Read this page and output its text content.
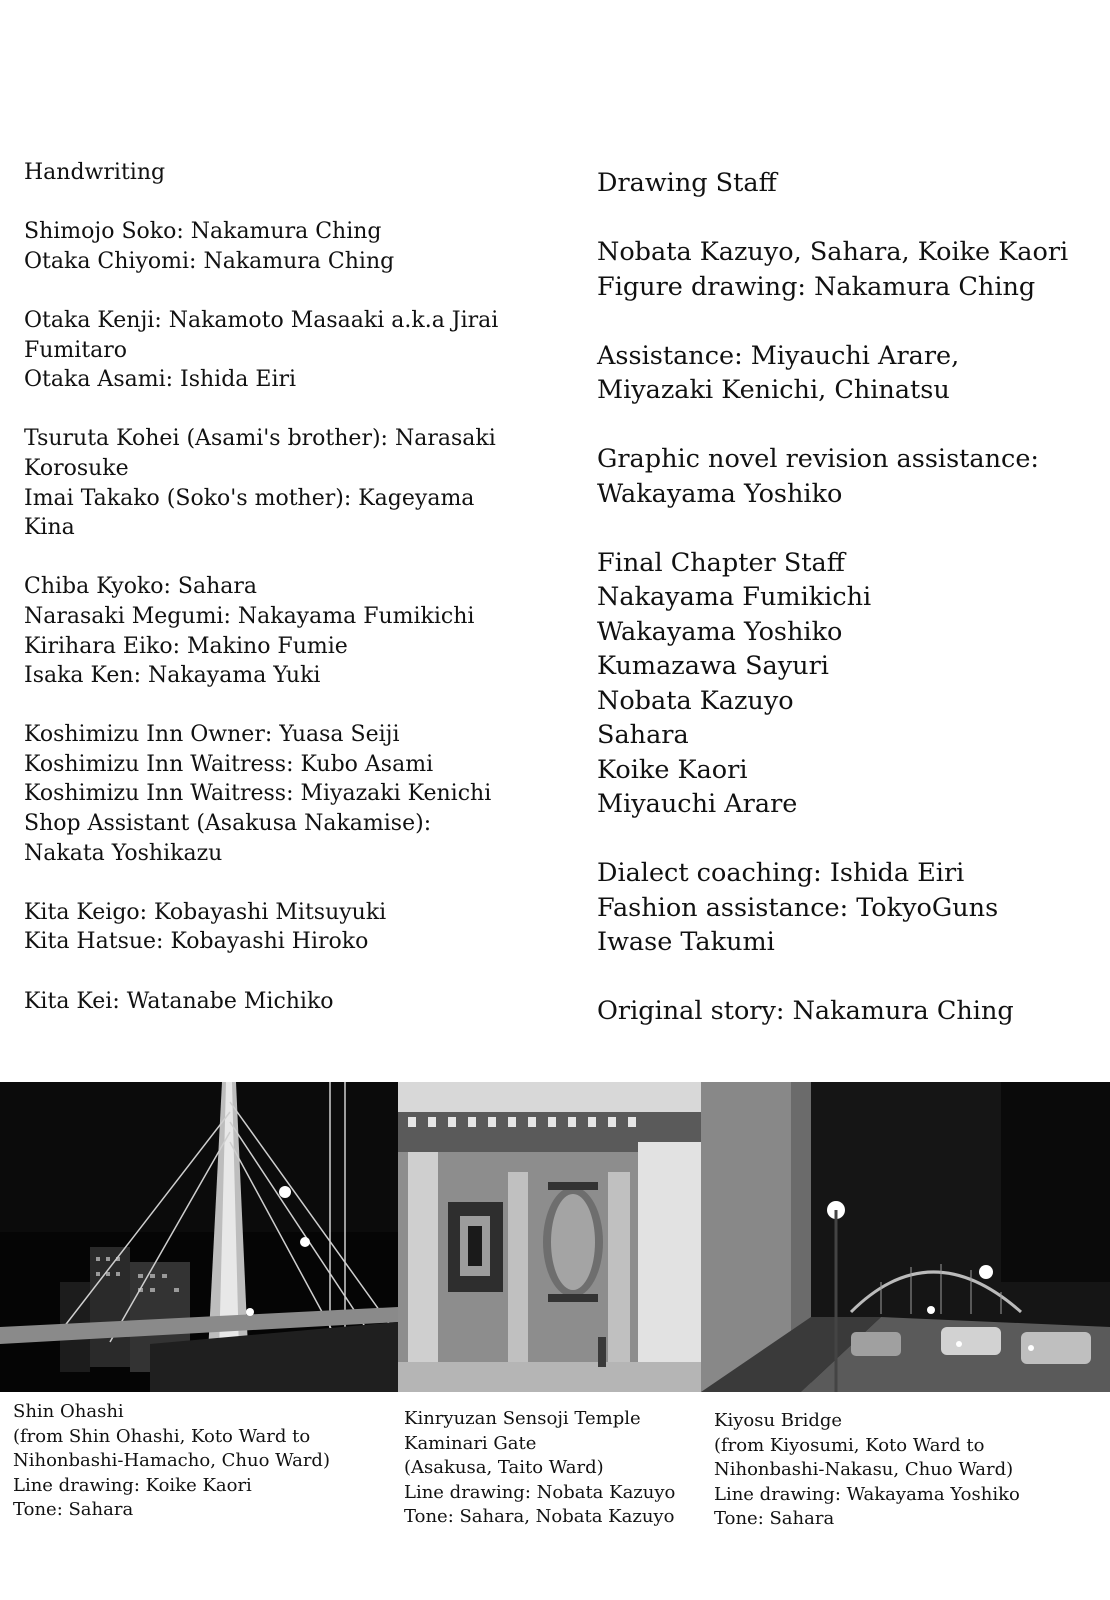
Handwriting
Shimojo Soko: Nakamura Ching
Otaka Chiyomi: Nakamura Ching
Otaka Kenji: Nakamoto Masaaki a.k.a Jirai
Fumitaro
Otaka Asami: Ishida Eiri
Tsuruta Kohei (Asami's brother): Narasaki
Korosuke
Imai Takako (Soko's mother): Kageyama
Kina
Chiba Kyoko: Sahara
Narasaki Megumi: Nakayama Fumikichi
Kirihara Eiko: Makino Fumie
Isaka Ken: Nakayama Yuki
Koshimizu Inn Owner: Yuasa Seiji
Koshimizu Inn Waitress: Kubo Asami
Koshimizu Inn Waitress: Miyazaki Kenichi
Shop Assistant (Asakusa Nakamise):
Nakata Yoshikazu
Kita Keigo: Kobayashi Mitsuyuki
Kita Hatsue: Kobayashi Hiroko
Kita Kei: Watanabe Michiko
Drawing Staff
Nobata Kazuyo, Sahara, Koike Kaori
Figure drawing: Nakamura Ching
Assistance: Miyauchi Arare,
Miyazaki Kenichi, Chinatsu
Graphic novel revision assistance:
Wakayama Yoshiko
Final Chapter Staff
Nakayama Fumikichi
Wakayama Yoshiko
Kumazawa Sayuri
Nobata Kazuyo
Sahara
Koike Kaori
Miyauchi Arare
Dialect coaching: Ishida Eiri
Fashion assistance: TokyoGuns
Iwase Takumi
Original story: Nakamura Ching
Shin Ohashi
(from Shin Ohashi, Koto Ward to
Nihonbashi-Hamacho, Chuo Ward)
Line drawing: Koike Kaori
Tone: Sahara
Kinryuzan Sensoji Temple
Kaminari Gate
(Asakusa, Taito Ward)
Line drawing: Nobata Kazuyo
Tone: Sahara, Nobata Kazuyo
Kiyosu Bridge
(from Kiyosumi, Koto Ward to
Nihonbashi-Nakasu, Chuo Ward)
Line drawing: Wakayama Yoshiko
Tone: Sahara
